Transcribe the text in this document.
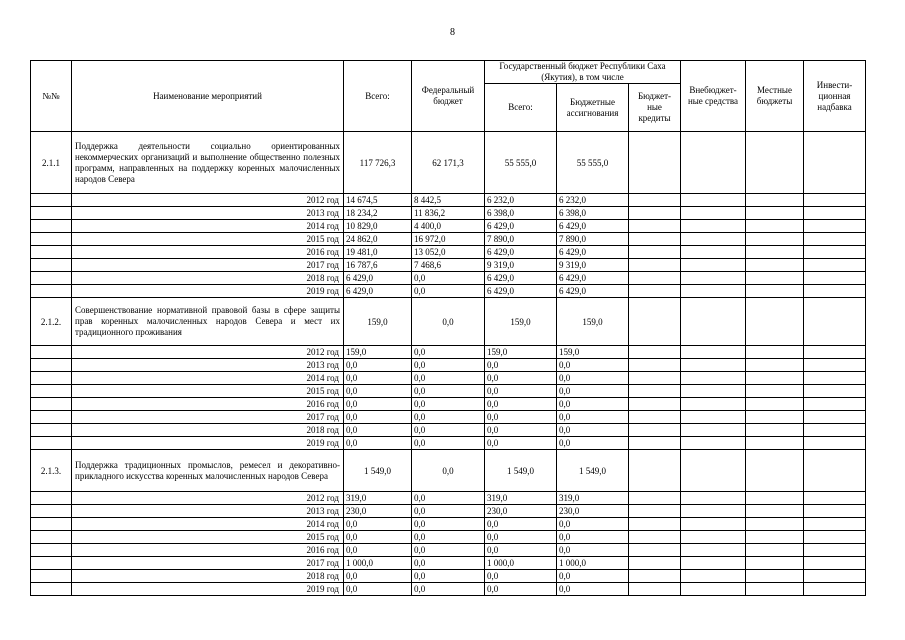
8
№№	Наименование мероприятий	Всего:	Федеральный бюджет	Государственный бюджет Республики Саха (Якутия), в том числе			Внебюджет-ные средства	Местные бюджеты	Инвести-ционная надбавка
				Всего:	Бюджетные ассигнования	Бюджет-ные кредиты			
2.1.1	Поддержка деятельности социально ориентированных некоммерческих организаций и выполнение общественно полезных программ, направленных на поддержку коренных малочисленных народов Севера	117 726,3	62 171,3	55 555,0	55 555,0				
	2012 год	14 674,5	8 442,5	6 232,0	6 232,0				
	2013 год	18 234,2	11 836,2	6 398,0	6 398,0				
	2014 год	10 829,0	4 400,0	6 429,0	6 429,0				
	2015 год	24 862,0	16 972,0	7 890,0	7 890,0				
	2016 год	19 481,0	13 052,0	6 429,0	6 429,0				
	2017 год	16 787,6	7 468,6	9 319,0	9 319,0				
	2018 год	6 429,0	0,0	6 429,0	6 429,0				
	2019 год	6 429,0	0,0	6 429,0	6 429,0				
2.1.2.	Совершенствование нормативной правовой базы в сфере защиты прав коренных малочисленных народов Севера и мест их традиционного проживания	159,0	0,0	159,0	159,0				
	2012 год	159,0	0,0	159,0	159,0				
	2013 год	0,0	0,0	0,0	0,0				
	2014 год	0,0	0,0	0,0	0,0				
	2015 год	0,0	0,0	0,0	0,0				
	2016 год	0,0	0,0	0,0	0,0				
	2017 год	0,0	0,0	0,0	0,0				
	2018 год	0,0	0,0	0,0	0,0				
	2019 год	0,0	0,0	0,0	0,0				
2.1.3.	Поддержка традиционных промыслов, ремесел и декоративно-прикладного искусства коренных малочисленных народов Севера	1 549,0	0,0	1 549,0	1 549,0				
	2012 год	319,0	0,0	319,0	319,0				
	2013 год	230,0	0,0	230,0	230,0				
	2014 год	0,0	0,0	0,0	0,0				
	2015 год	0,0	0,0	0,0	0,0				
	2016 год	0,0	0,0	0,0	0,0				
	2017 год	1 000,0	0,0	1 000,0	1 000,0				
	2018 год	0,0	0,0	0,0	0,0				
	2019 год	0,0	0,0	0,0	0,0				
